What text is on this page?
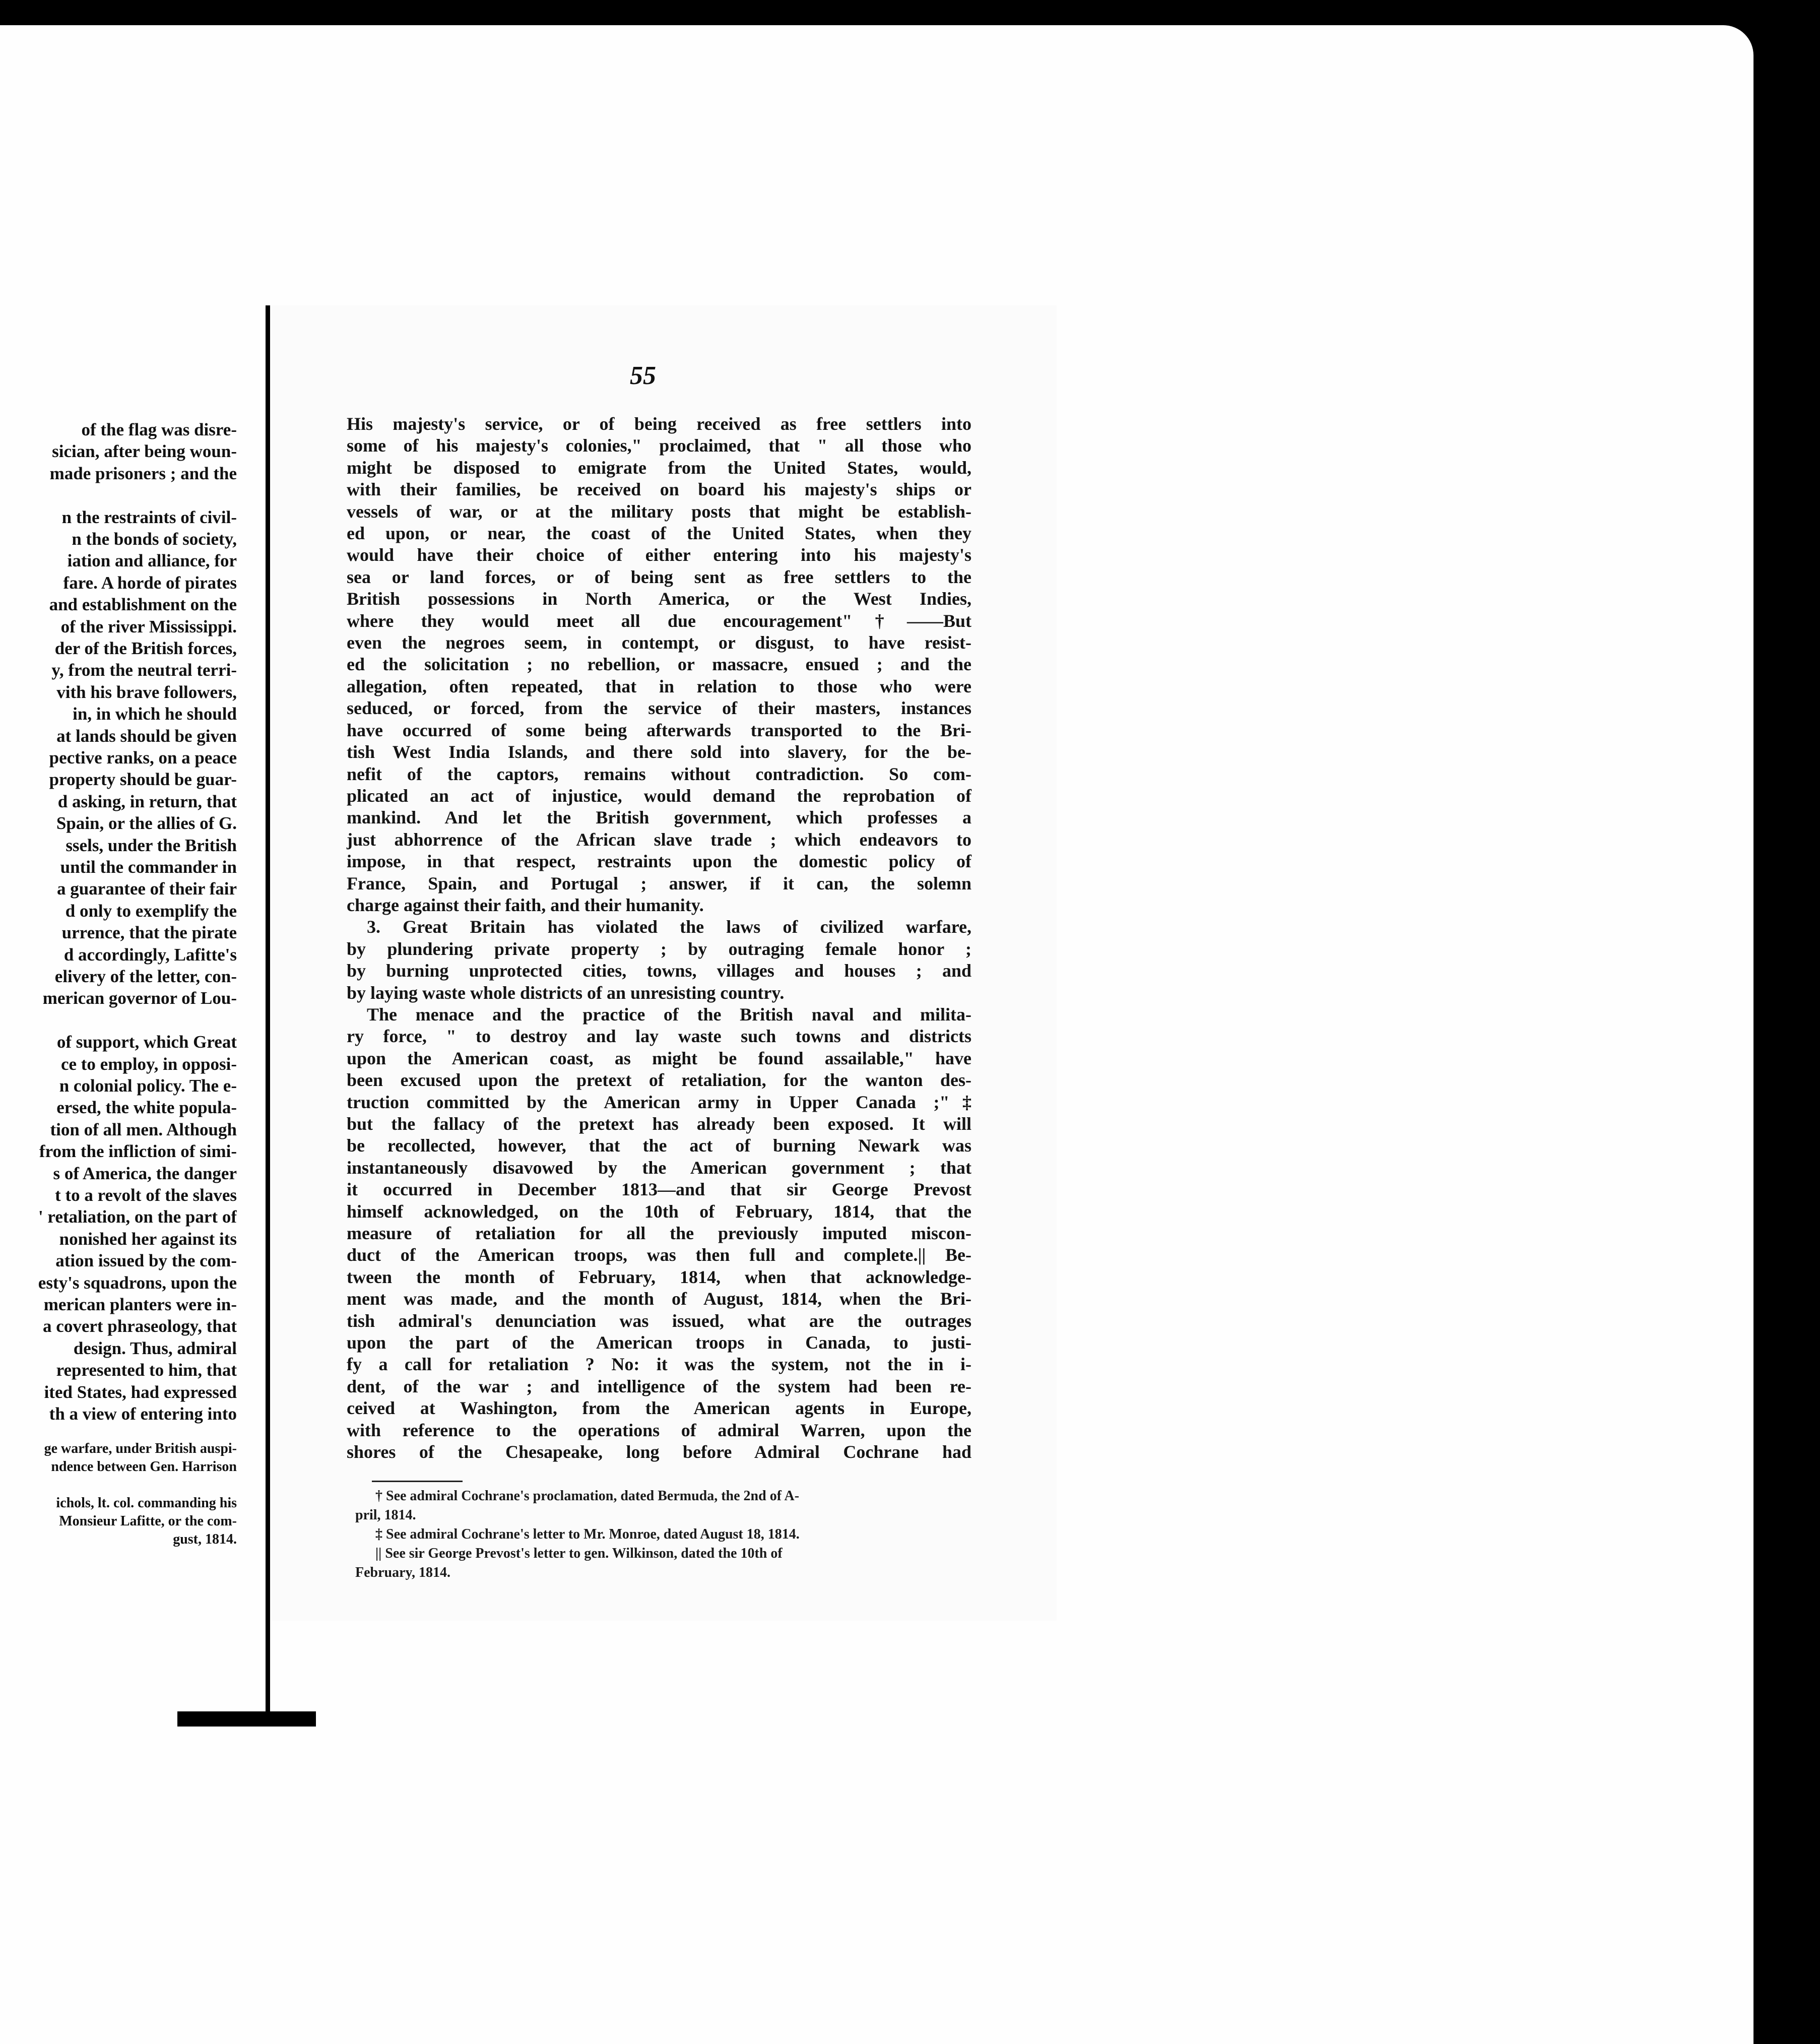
of the flag was disre-
sician, after being woun-
made prisoners ; and the
n the restraints of civil-
n the bonds of society,
iation and alliance, for
fare. A horde of pirates
and establishment on the
of the river Mississippi.
der of the British forces,
y, from the neutral terri-
vith his brave followers,
in, in which he should
at lands should be given
pective ranks, on a peace
property should be guar-
d asking, in return, that
Spain, or the allies of G.
ssels, under the British
until the commander in
a guarantee of their fair
d only to exemplify the
urrence, that the pirate
d accordingly, Lafitte's
elivery of the letter, con-
merican governor of Lou-
of support, which Great
ce to employ, in opposi-
n colonial policy. The e-
ersed, the white popula-
tion of all men. Although
from the infliction of simi-
s of America, the danger
t to a revolt of the slaves
' retaliation, on the part of
nonished her against its
ation issued by the com-
esty's squadrons, upon the
merican planters were in-
a covert phraseology, that
design. Thus, admiral
represented to him, that
ited States, had expressed
th a view of entering into
ge warfare, under British auspi-
ndence between Gen. Harrison
ichols, lt. col. commanding his
Monsieur Lafitte, or the com-
gust, 1814.
55
His majesty's service, or of being received as free settlers into
some of his majesty's colonies," proclaimed, that " all those who
might be disposed to emigrate from the United States, would,
with their families, be received on board his majesty's ships or
vessels of war, or at the military posts that might be establish-
ed upon, or near, the coast of the United States, when they
would have their choice of either entering into his majesty's
sea or land forces, or of being sent as free settlers to the
British possessions in North America, or the West Indies,
where they would meet all due encouragement"†——But
even the negroes seem, in contempt, or disgust, to have resist-
ed the solicitation ; no rebellion, or massacre, ensued ; and the
allegation, often repeated, that in relation to those who were
seduced, or forced, from the service of their masters, instances
have occurred of some being afterwards transported to the Bri-
tish West India Islands, and there sold into slavery, for the be-
nefit of the captors, remains without contradiction. So com-
plicated an act of injustice, would demand the reprobation of
mankind. And let the British government, which professes a
just abhorrence of the African slave trade ; which endeavors to
impose, in that respect, restraints upon the domestic policy of
France, Spain, and Portugal ; answer, if it can, the solemn
charge against their faith, and their humanity.
3. Great Britain has violated the laws of civilized warfare,
by plundering private property ; by outraging female honor ;
by burning unprotected cities, towns, villages and houses ; and
by laying waste whole districts of an unresisting country.
The menace and the practice of the British naval and milita-
ry force, " to destroy and lay waste such towns and districts
upon the American coast, as might be found assailable," have
been excused upon the pretext of retaliation, for the wanton des-
truction committed by the American army in Upper Canada ;"‡
but the fallacy of the pretext has already been exposed. It will
be recollected, however, that the act of burning Newark was
instantaneously disavowed by the American government ; that
it occurred in December 1813—and that sir George Prevost
himself acknowledged, on the 10th of February, 1814, that the
measure of retaliation for all the previously imputed miscon-
duct of the American troops, was then full and complete.|| Be-
tween the month of February, 1814, when that acknowledge-
ment was made, and the month of August, 1814, when the Bri-
tish admiral's denunciation was issued, what are the outrages
upon the part of the American troops in Canada, to justi-
fy a call for retaliation ? No: it was the system, not the in i-
dent, of the war ; and intelligence of the system had been re-
ceived at Washington, from the American agents in Europe,
with reference to the operations of admiral Warren, upon the
shores of the Chesapeake, long before Admiral Cochrane had
† See admiral Cochrane's proclamation, dated Bermuda, the 2nd of A-
pril, 1814.
‡ See admiral Cochrane's letter to Mr. Monroe, dated August 18, 1814.
|| See sir George Prevost's letter to gen. Wilkinson, dated the 10th of
February, 1814.
